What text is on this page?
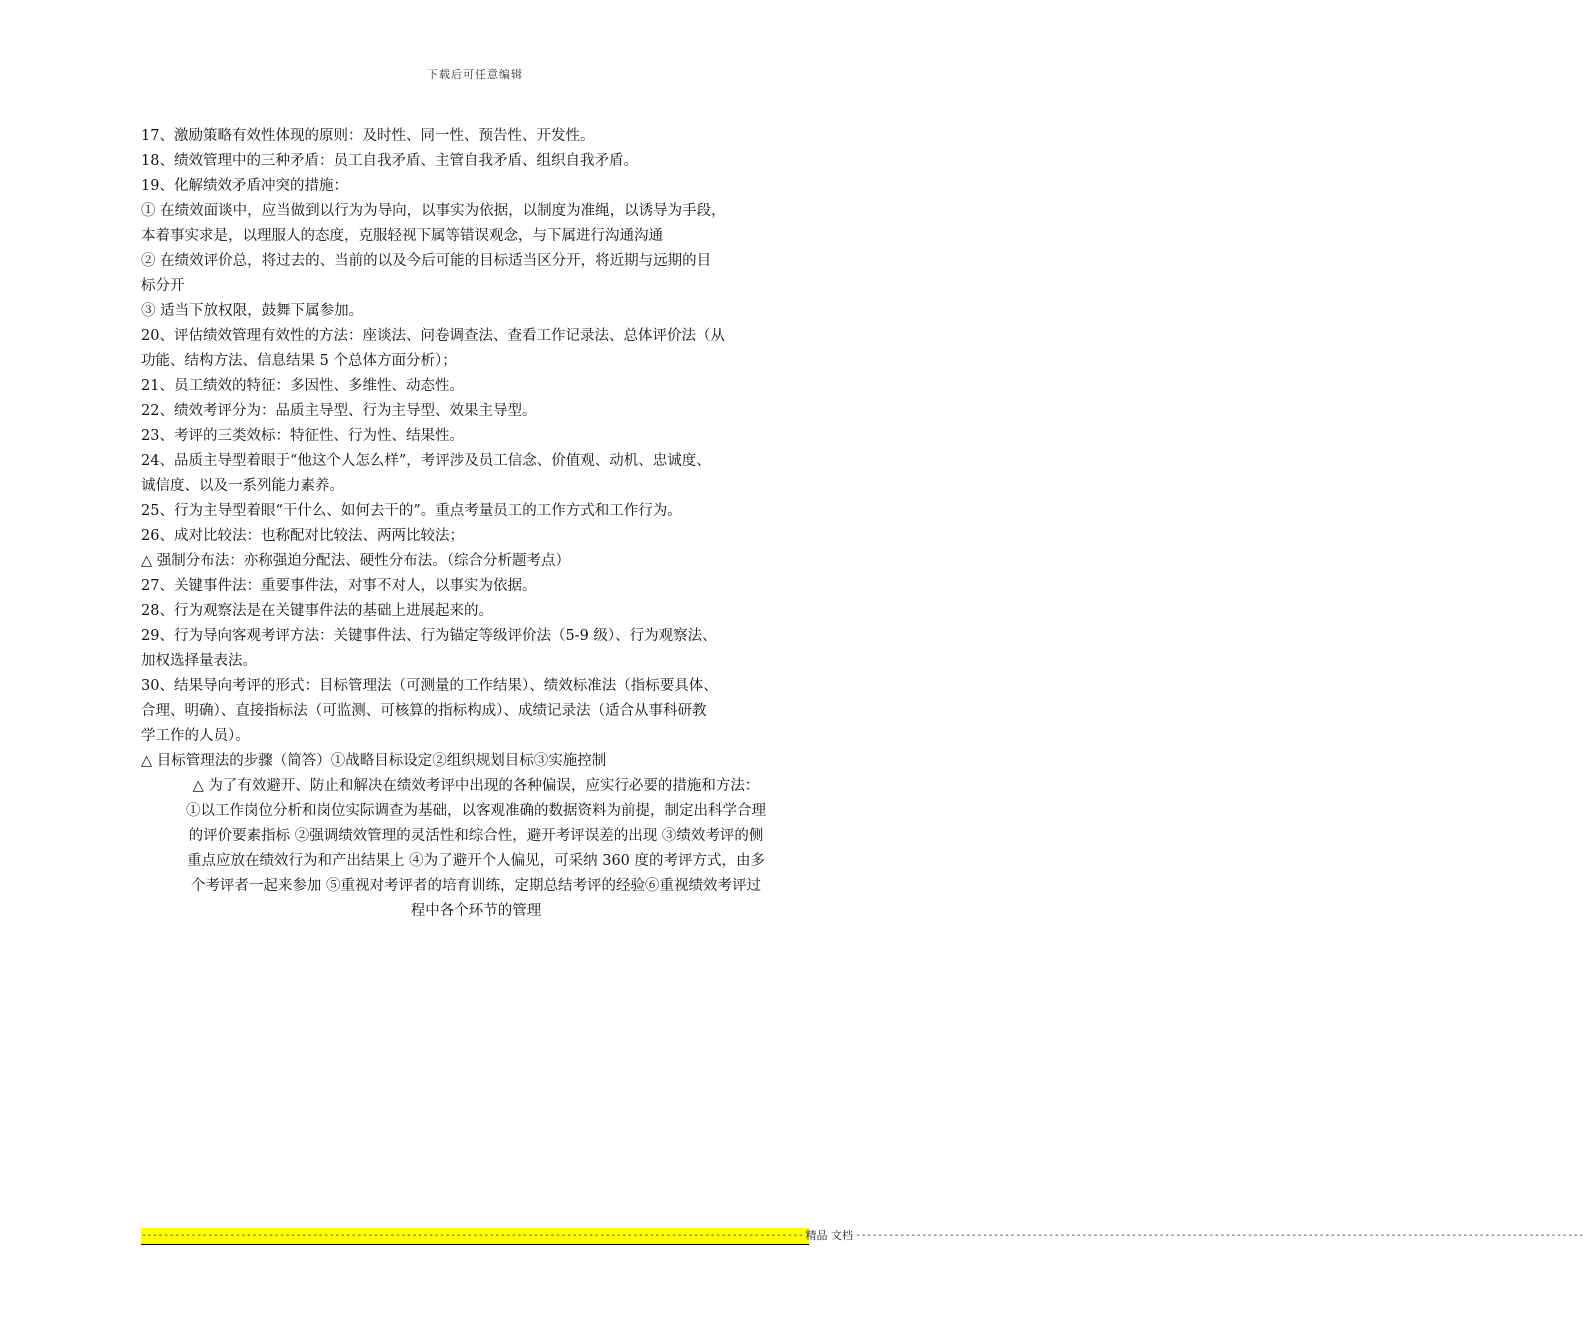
下载后可任意编辑
17、激励策略有效性体现的原则：及时性、同一性、预告性、开发性。
18、绩效管理中的三种矛盾：员工自我矛盾、主管自我矛盾、组织自我矛盾。
19、化解绩效矛盾冲突的措施：
① 在绩效面谈中，应当做到以行为为导向，以事实为依据，以制度为准绳，以诱导为手段，
本着事实求是，以理服人的态度，克服轻视下属等错误观念，与下属进行沟通沟通
② 在绩效评价总，将过去的、当前的以及今后可能的目标适当区分开，将近期与远期的目
标分开
③ 适当下放权限，鼓舞下属参加。
20、评估绩效管理有效性的方法：座谈法、问卷调查法、查看工作记录法、总体评价法（从
功能、结构方法、信息结果 5 个总体方面分析）；
21、员工绩效的特征：多因性、多维性、动态性。
22、绩效考评分为：品质主导型、行为主导型、效果主导型。
23、考评的三类效标：特征性、行为性、结果性。
24、品质主导型着眼于“他这个人怎么样”，考评涉及员工信念、价值观、动机、忠诚度、
诚信度、以及一系列能力素养。
25、行为主导型着眼“干什么、如何去干的”。重点考量员工的工作方式和工作行为。
26、成对比较法：也称配对比较法、两两比较法；
△ 强制分布法：亦称强迫分配法、硬性分布法。（综合分析题考点）
27、关键事件法：重要事件法，对事不对人，以事实为依据。
28、行为观察法是在关键事件法的基础上进展起来的。
29、行为导向客观考评方法：关键事件法、行为锚定等级评价法（5-9 级）、行为观察法、
加权选择量表法。
30、结果导向考评的形式：目标管理法（可测量的工作结果）、绩效标准法（指标要具体、
合理、明确）、直接指标法（可监测、可核算的指标构成）、成绩记录法（适合从事科研教
学工作的人员）。
△ 目标管理法的步骤（简答）①战略目标设定②组织规划目标③实施控制
△ 为了有效避开、防止和解决在绩效考评中出现的各种偏误，应实行必要的措施和方法：
①以工作岗位分析和岗位实际调查为基础，以客观准确的数据资料为前提，制定出科学合理
的评价要素指标 ②强调绩效管理的灵活性和综合性，避开考评误差的出现 ③绩效考评的侧
重点应放在绩效行为和产出结果上 ④为了避开个人偏见，可采纳 360 度的考评方式，由多
个考评者一起来参加 ⑤重视对考评者的培育训练，定期总结考评的经验⑥重视绩效考评过
程中各个环节的管理
------------------------------------------------------------------------------------------------------------------------ 精品 文档 ------------------------------------------------------------------------------------------------------------------------------------
